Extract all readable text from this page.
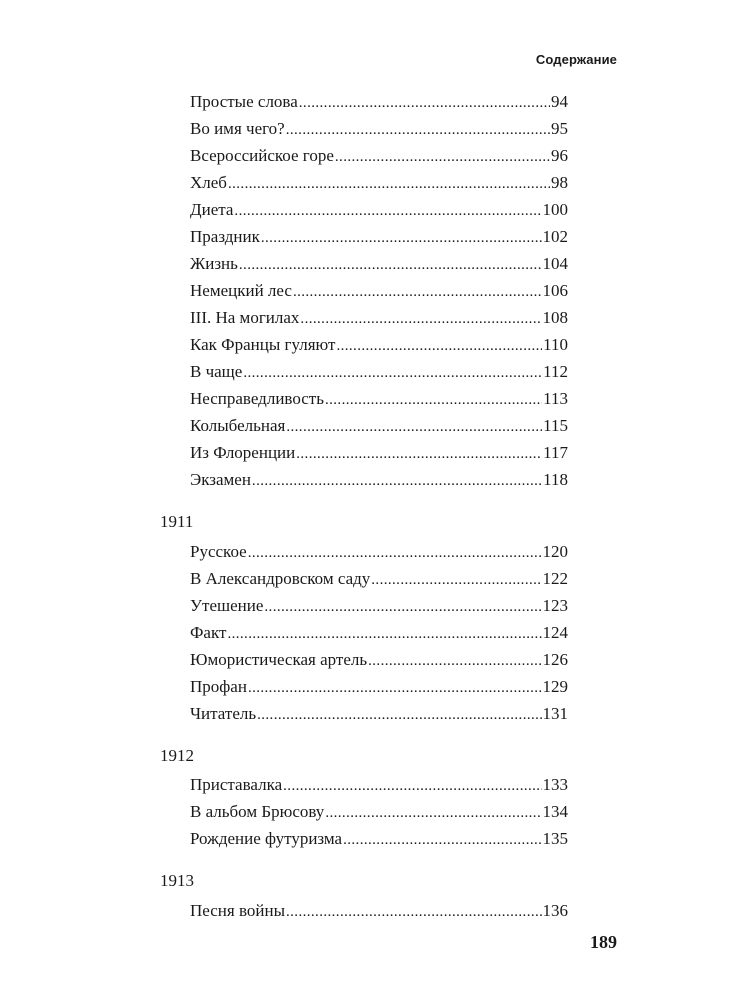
Содержание
Простые слова .....	94
Во имя чего? .....	95
Всероссийское горе .....	96
Хлеб .....	98
Диета .....	100
Праздник .....	102
Жизнь .....	104
Немецкий лес .....	106
III. На могилах .....	108
Как Францы гуляют .....	110
В чаще .....	112
Несправедливость .....	113
Колыбельная .....	115
Из Флоренции .....	117
Экзамен .....	118
1911
Русское .....	120
В Александровском саду .....	122
Утешение .....	123
Факт .....	124
Юмористическая артель .....	126
Профан .....	129
Читатель .....	131
1912
Приставалка .....	133
В альбом Брюсову .....	134
Рождение футуризма .....	135
1913
Песня войны .....	136
189
